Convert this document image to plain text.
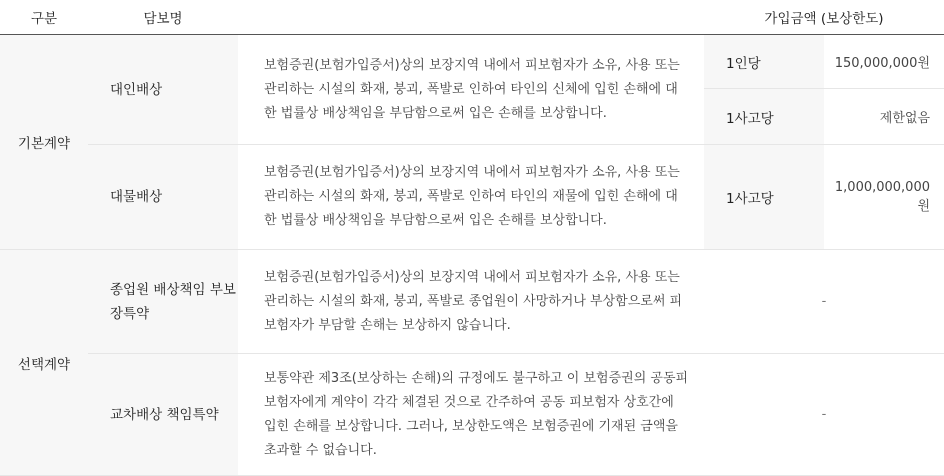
구분	담보명		가입금액 (보상한도)	
기본계약	대인배상	보험증권(보험가입증서)상의 보장지역 내에서 피보험자가 소유, 사용 또는 관리하는 시설의 화재, 붕괴, 폭발로 인하여 타인의 신체에 입힌 손해에 대한 법률상 배상책임을 부담함으로써 입은 손해를 보상합니다.	1인당	150,000,000원
			1사고당	제한없음
	대물배상	보험증권(보험가입증서)상의 보장지역 내에서 피보험자가 소유, 사용 또는 관리하는 시설의 화재, 붕괴, 폭발로 인하여 타인의 재물에 입힌 손해에 대한 법률상 배상책임을 부담함으로써 입은 손해를 보상합니다.	1사고당	1,000,000,000원
선택계약	종업원 배상책임 부보장특약	보험증권(보험가입증서)상의 보장지역 내에서 피보험자가 소유, 사용 또는 관리하는 시설의 화재, 붕괴, 폭발로 종업원이 사망하거나 부상함으로써 피보험자가 부담할 손해는 보상하지 않습니다.	-	
	교차배상 책임특약	보통약관 제3조(보상하는 손해)의 규정에도 불구하고 이 보험증권의 공동피보험자에게 계약이 각각 체결된 것으로 간주하여 공동 피보험자 상호간에 입힌 손해를 보상합니다. 그러나, 보상한도액은 보험증권에 기재된 금액을 초과할 수 없습니다.	-	
